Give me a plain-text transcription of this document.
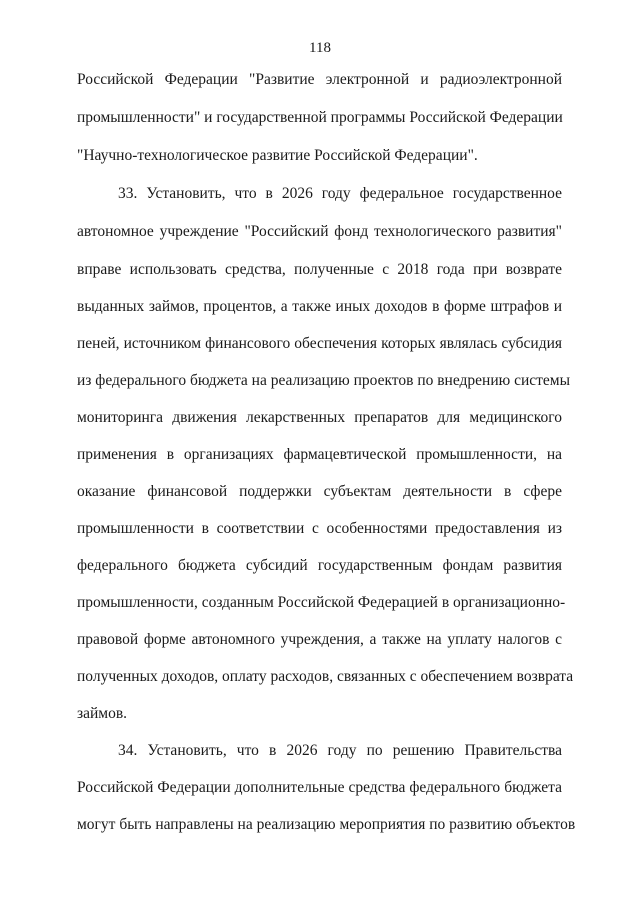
118
Российской Федерации "Развитие электронной и радиоэлектронной
промышленности" и государственной программы Российской Федерации
"Научно-технологическое развитие Российской Федерации".
33. Установить, что в 2026 году федеральное государственное
автономное учреждение "Российский фонд технологического развития"
вправе использовать средства, полученные с 2018 года при возврате
выданных займов, процентов, а также иных доходов в форме штрафов и
пеней, источником финансового обеспечения которых являлась субсидия
из федерального бюджета на реализацию проектов по внедрению системы
мониторинга движения лекарственных препаратов для медицинского
применения в организациях фармацевтической промышленности, на
оказание финансовой поддержки субъектам деятельности в сфере
промышленности в соответствии с особенностями предоставления из
федерального бюджета субсидий государственным фондам развития
промышленности, созданным Российской Федерацией в организационно-
правовой форме автономного учреждения, а также на уплату налогов с
полученных доходов, оплату расходов, связанных с обеспечением возврата
займов.
34. Установить, что в 2026 году по решению Правительства
Российской Федерации дополнительные средства федерального бюджета
могут быть направлены на реализацию мероприятия по развитию объектов
